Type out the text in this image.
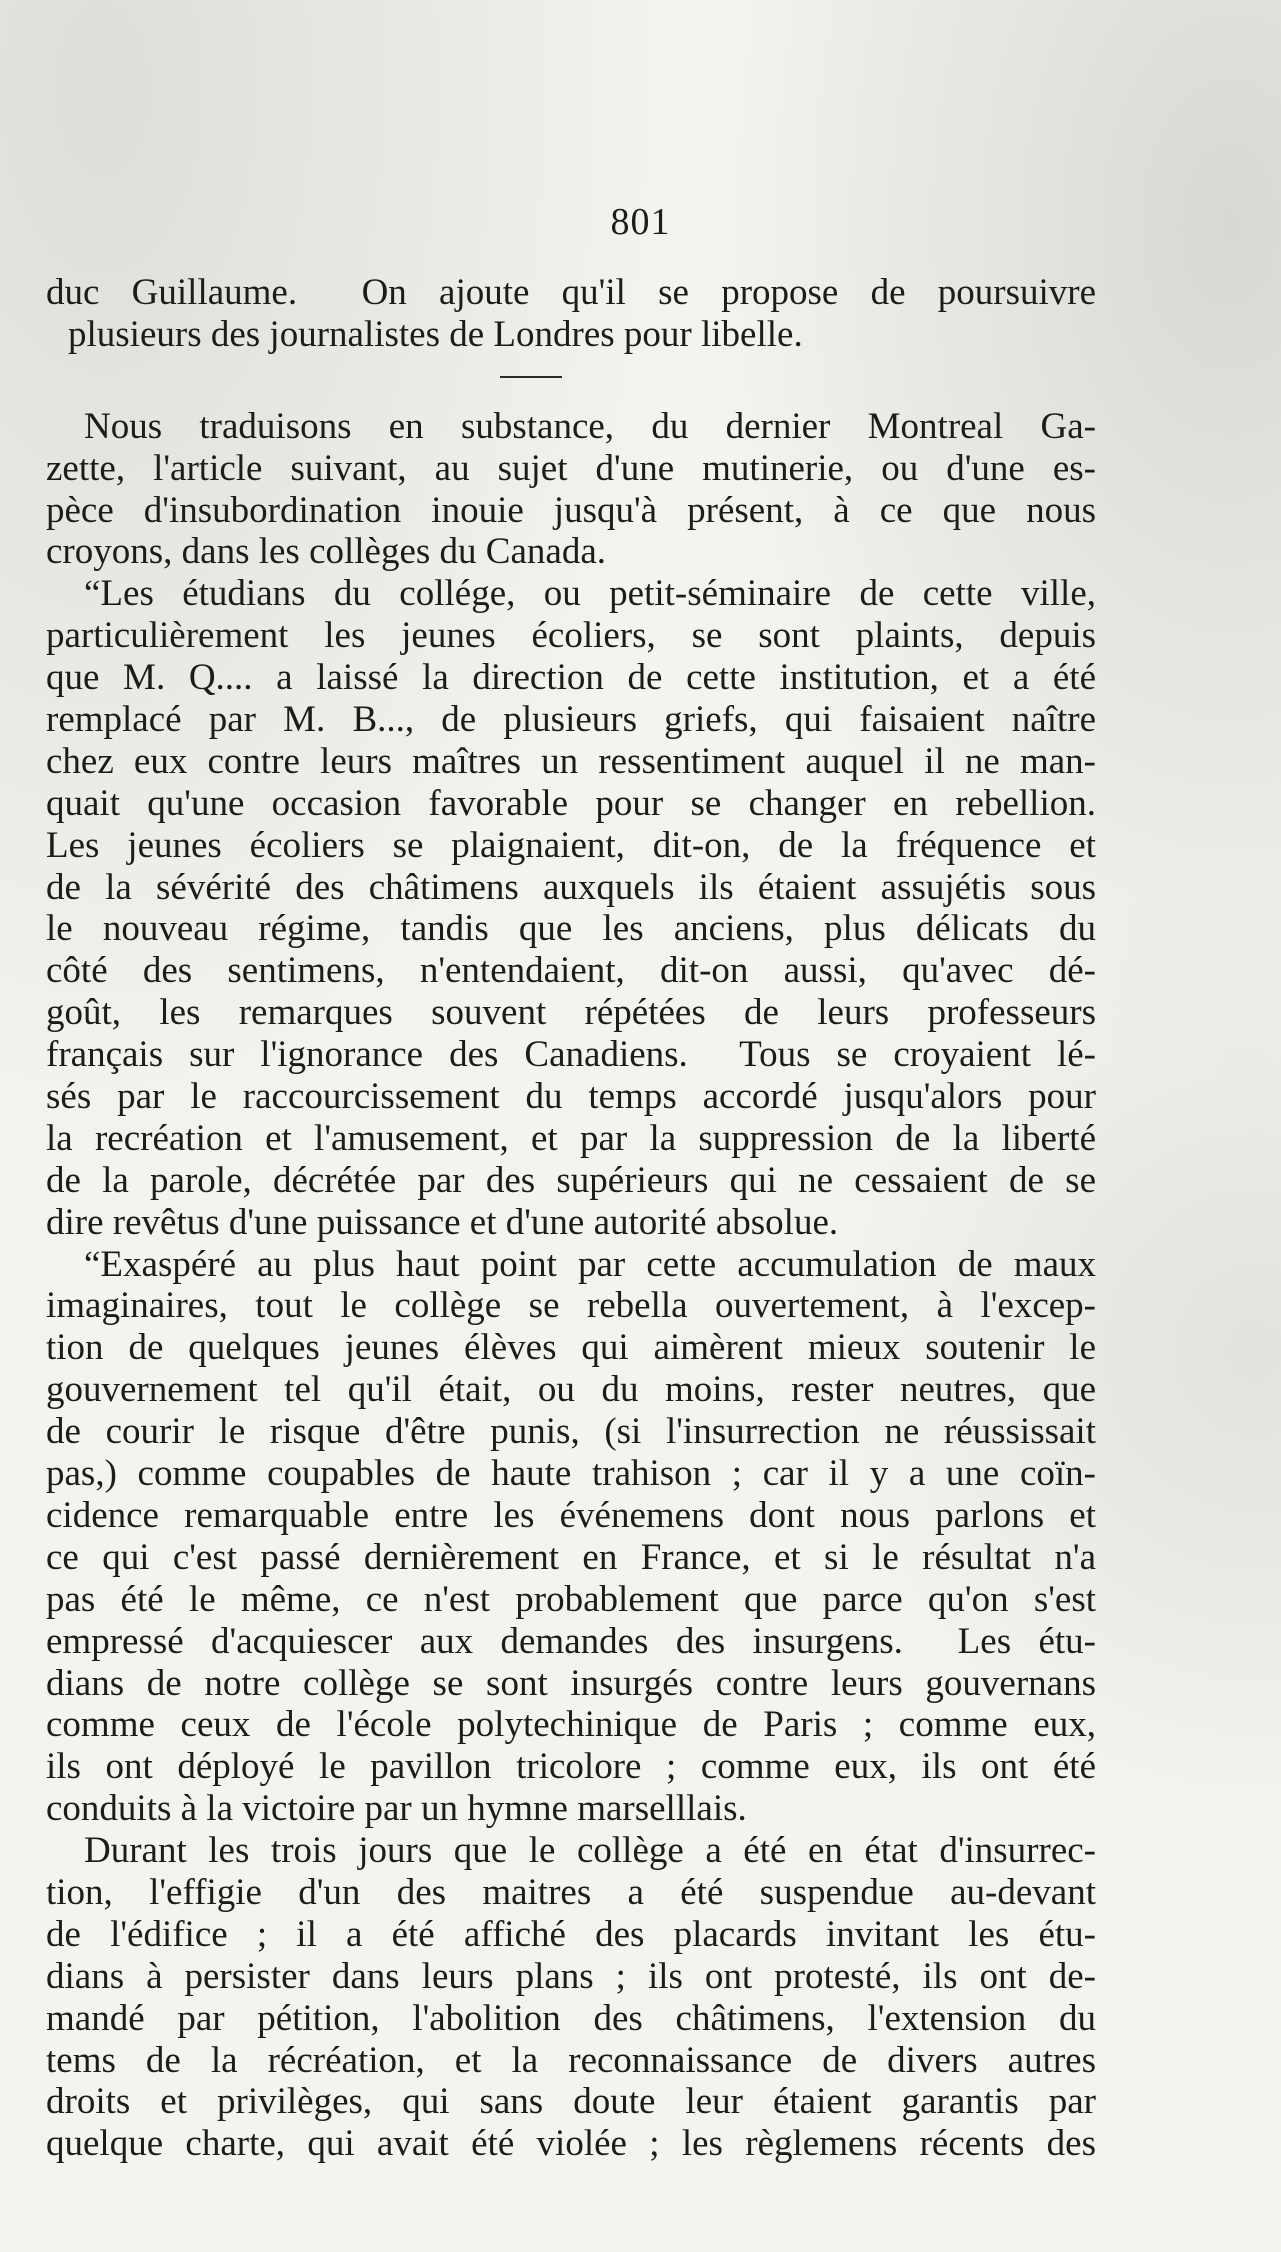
801
duc Guillaume.  On ajoute qu'il se propose de poursuivre
plusieurs des journalistes de Londres pour libelle.
Nous traduisons en substance, du dernier Montreal Ga-
zette, l'article suivant, au sujet d'une mutinerie, ou d'une es-
pèce d'insubordination inouie jusqu'à présent, à ce que nous
croyons, dans les collèges du Canada.
“Les étudians du collége, ou petit-séminaire de cette ville,
particulièrement les jeunes écoliers, se sont plaints, depuis
que M. Q.... a laissé la direction de cette institution, et a été
remplacé par M. B..., de plusieurs griefs, qui faisaient naître
chez eux contre leurs maîtres un ressentiment auquel il ne man-
quait qu'une occasion favorable pour se changer en rebellion.
Les jeunes écoliers se plaignaient, dit-on, de la fréquence et
de la sévérité des châtimens auxquels ils étaient assujétis sous
le nouveau régime, tandis que les anciens, plus délicats du
côté des sentimens, n'entendaient, dit-on aussi, qu'avec dé-
goût, les remarques souvent répétées de leurs professeurs
français sur l'ignorance des Canadiens.  Tous se croyaient lé-
sés par le raccourcissement du temps accordé jusqu'alors pour
la recréation et l'amusement, et par la suppression de la liberté
de la parole, décrétée par des supérieurs qui ne cessaient de se
dire revêtus d'une puissance et d'une autorité absolue.
“Exaspéré au plus haut point par cette accumulation de maux
imaginaires, tout le collège se rebella ouvertement, à l'excep-
tion de quelques jeunes élèves qui aimèrent mieux soutenir le
gouvernement tel qu'il était, ou du moins, rester neutres, que
de courir le risque d'être punis, (si l'insurrection ne réussissait
pas,) comme coupables de haute trahison ; car il y a une coïn-
cidence remarquable entre les événemens dont nous parlons et
ce qui c'est passé dernièrement en France, et si le résultat n'a
pas été le même, ce n'est probablement que parce qu'on s'est
empressé d'acquiescer aux demandes des insurgens.  Les étu-
dians de notre collège se sont insurgés contre leurs gouvernans
comme ceux de l'école polytechinique de Paris ; comme eux,
ils ont déployé le pavillon tricolore ; comme eux, ils ont été
conduits à la victoire par un hymne marselllais.
Durant les trois jours que le collège a été en état d'insurrec-
tion, l'effigie d'un des maitres a été suspendue au-devant
de l'édifice ; il a été affiché des placards invitant les étu-
dians à persister dans leurs plans ; ils ont protesté, ils ont de-
mandé par pétition, l'abolition des châtimens, l'extension du
tems de la récréation, et la reconnaissance de divers autres
droits et privilèges, qui sans doute leur étaient garantis par
quelque charte, qui avait été violée ; les règlemens récents des
